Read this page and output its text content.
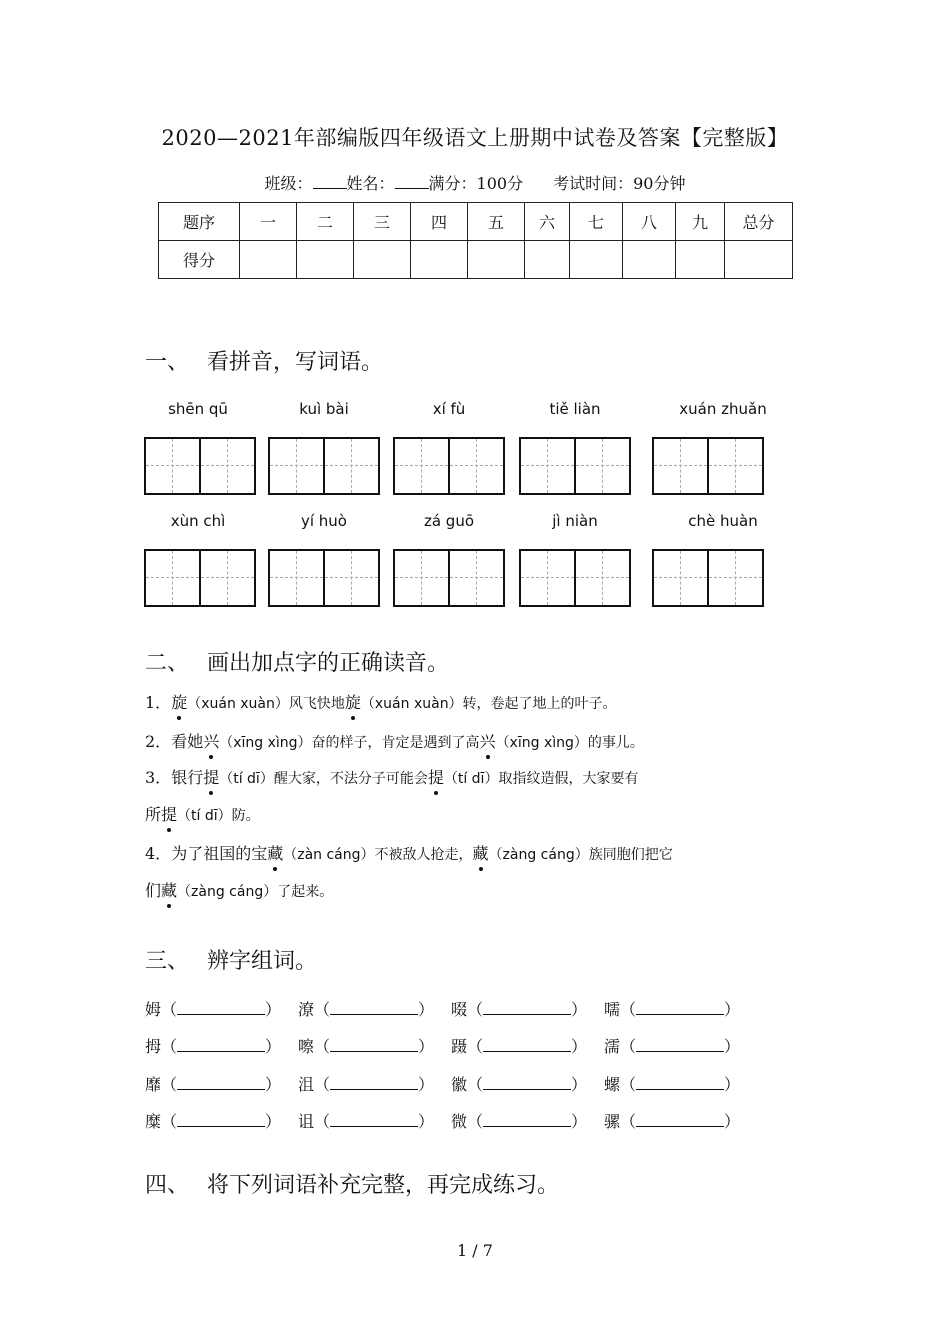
2020—2021年部编版四年级语文上册期中试卷及答案【完整版】
班级： 姓名： 满分：100分 考试时间：90分钟
题序	一	二	三	四	五	六	七	八	九	总分
得分										
一、 看拼音，写词语。
shēn qū	kuì bài	xí fù	tiě liàn	xuán zhuǎn
xùn chì	yí huò	zá guō	jì niàn	chè huàn
二、 画出加点字的正确读音。
1．旋（xuán xuàn）风飞快地旋（xuán xuàn）转，卷起了地上的叶子。
2．看她兴（xīng xìng）奋的样子，肯定是遇到了高兴（xīng xìng）的事儿。
3．银行提（tí dī）醒大家，不法分子可能会提（tí dī）取指纹造假，大家要有
所提（tí dī）防。
4．为了祖国的宝藏（zàn cáng）不被敌人抢走，藏（zàng cáng）族同胞们把它
们藏（zàng cáng）了起来。
三、 辨字组词。
姆（	） 潦（	） 啜（	） 嚅（	）
拇（	） 嚓（	） 蹑（	） 濡（	）
靡（	） 沮（	） 徽（	） 螺（	）
糜（	） 诅（	） 微（	） 骡（	）
四、 将下列词语补充完整，再完成练习。
1 / 7
